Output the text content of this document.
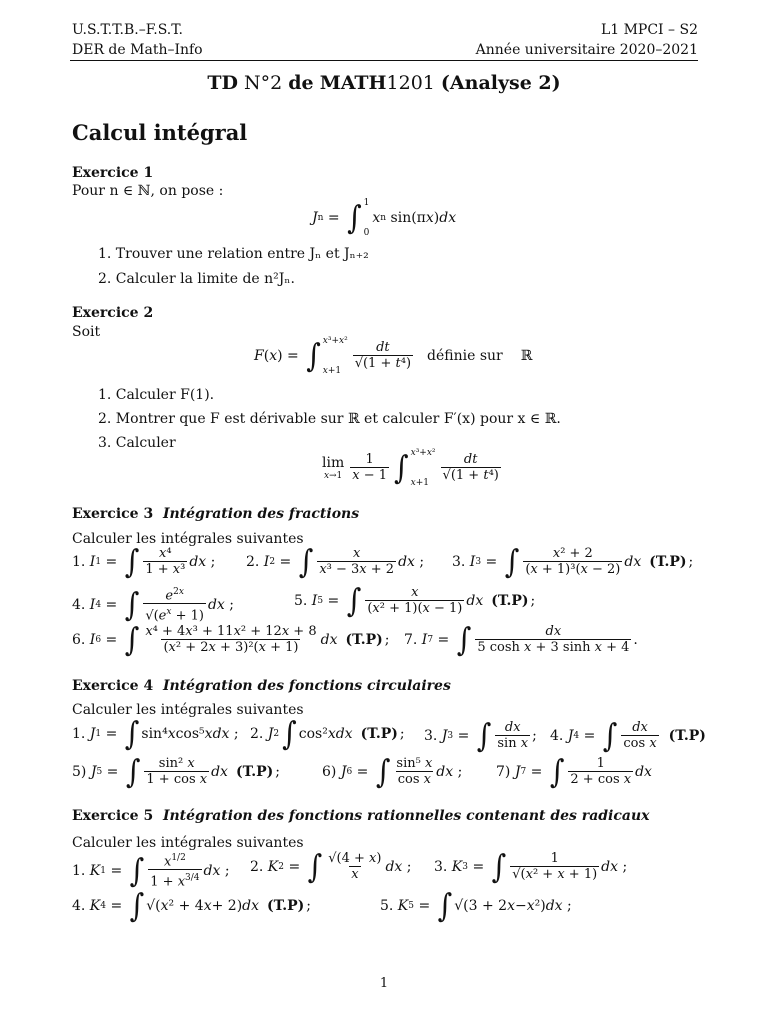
U.S.T.T.B.–F.S.T.
DER de Math–Info
L1 MPCI – S2
Année universitaire 2020–2021
TD N°2 de MATH1201 (Analyse 2)
Calcul intégral
Exercice 1
Pour n ∈ ℕ, on pose :
J n = ∫ 1
0
x n sin(π x ) dx
1. Trouver une relation entre Jₙ et Jₙ₊₂
2. Calculer la limite de n²Jₙ.
Exercice 2
Soit
F ( x ) = ∫ x³+x²
$x+1 \frac{dt}{\text{√(1 + t⁴)}}$ définie sur ℝ
1. Calculer F(1).
2. Montrer que F est dérivable sur ℝ et calculer F′(x) pour x ∈ ℝ.
3. Calculer
lim
$x\to 1 \frac{1}{x - 1}$ ∫ x³+x²
$x+1 \frac{dt}{\text{√(1 + t⁴)}}$
Exercice 3 Intégration des fractions
Calculer les intégrales suivantes
1. I 1 = ∫ $\frac{\text{x⁴}}{\text{1 + x³}}$ dx ; 2. I 2 = ∫ $\frac{x}{\text{x³ − 3x + 2}}$ dx ; 3. I 3 = ∫ $\frac{\text{x² + 2}}{\text{(x + 1)³(x − 2)}}$ dx (T.P) ;
4. I 4 = ∫ $\frac{e^{2x}}{√(e^x + 1)}$ dx ;	5. I 5 = ∫ $\frac{x}{\text{(x² + 1)(x − 1)}}$ dx (T.P) ;
6. I 6 = ∫ $\frac{\text{x⁴ + 4x³ + 11x² + 12x + 8}}{\text{(x² + 2x + 3)²(x + 1)}}$ dx (T.P) ; 7. I 7 = ∫ $\frac{dx}{\text{5 cosh x + 3 sinh x + 4}}$ .
Exercice 4 Intégration des fonctions circulaires
Calculer les intégrales suivantes
1. J 1 = ∫ sin⁴ x cos⁵ xdx ; 2. J 2 ∫ cos² xdx (T.P) ; 3. J 3 = ∫ $\frac{dx}{\text{sin x}}$ ; 4. J 4 = ∫ $\frac{dx}{\text{cos x}} (T.P)$
5) J 5 = ∫ $\frac{\text{sin² x}}{\text{1 + cos x}}$ dx (T.P) ;	6) J 6 = ∫ $\frac{\text{sin⁵ x}}{\text{cos x}}$ dx ; 7) J 7 = ∫ $\frac{1}{\text{2 + cos x}}$ dx
Exercice 5 Intégration des fonctions rationnelles contenant des radicaux
Calculer les intégrales suivantes
1. K 1 = ∫ $\frac{x^{1/2}}{1 + x^{3/4}}$ dx ; 2. K 2 = ∫ $\frac{√(4 + x)}{x}$ dx ; 3. K 3 = ∫ $\frac{1}{\text{√(x² + x + 1)}}$ dx ;
4. K 4 = ∫ √( x ² + 4 x + 2) dx (T.P) ;	5. K 5 = ∫ √(3 + 2 x − x ²) dx ;
1
